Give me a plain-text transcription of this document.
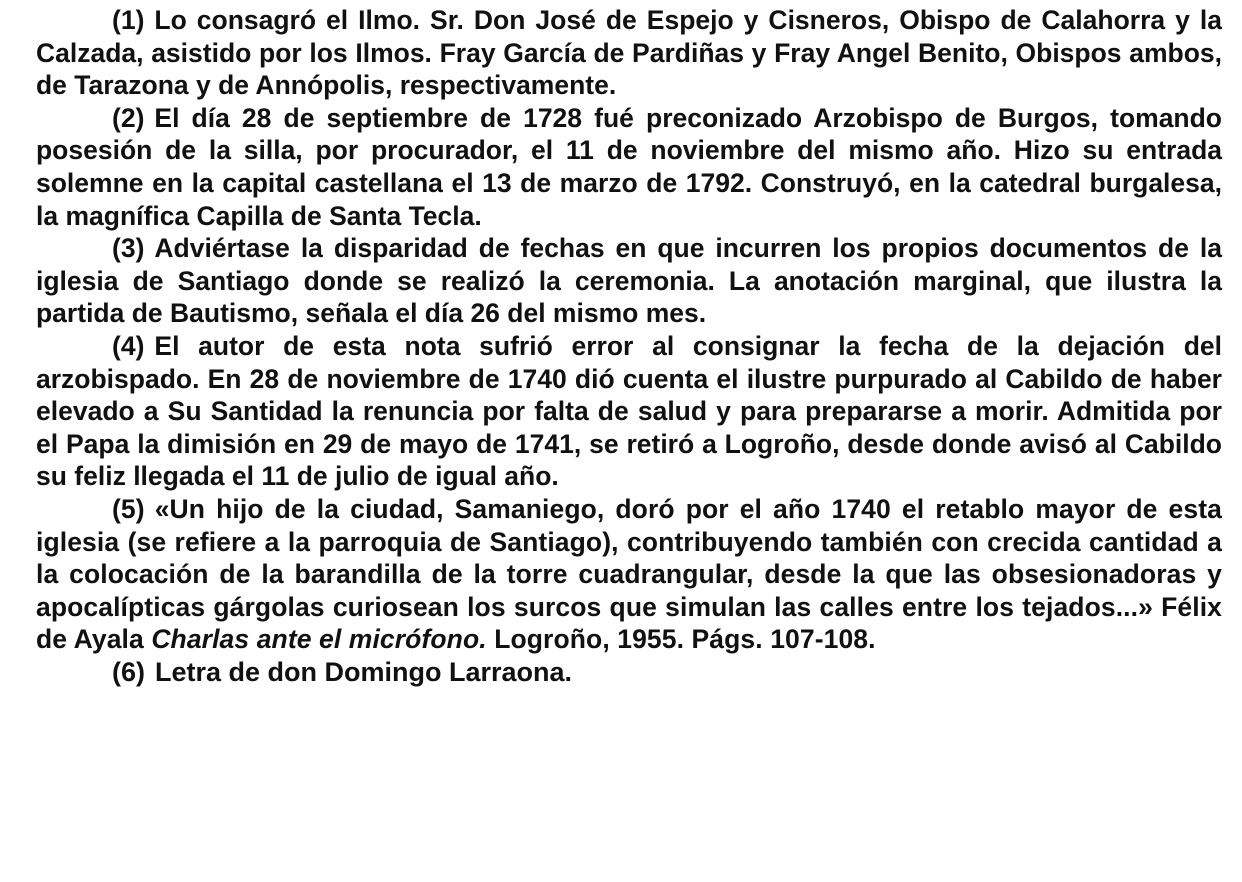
(1) Lo consagró el Ilmo. Sr. Don José de Espejo y Cisneros, Obispo de Calahorra y la Calzada, asistido por los Ilmos. Fray García de Pardiñas y Fray Angel Benito, Obispos ambos, de Tarazona y de Annópolis, respectivamente.

(2) El día 28 de septiembre de 1728 fué preconizado Arzobispo de Burgos, tomando posesión de la silla, por procurador, el 11 de noviembre del mismo año. Hizo su entrada solemne en la capital castellana el 13 de marzo de 1792. Construyó, en la catedral burgalesa, la magnífica Capilla de Santa Tecla.

(3) Adviértase la disparidad de fechas en que incurren los propios documentos de la iglesia de Santiago donde se realizó la ceremonia. La anotación marginal, que ilustra la partida de Bautismo, señala el día 26 del mismo mes.

(4) El autor de esta nota sufrió error al consignar la fecha de la dejación del arzobispado. En 28 de noviembre de 1740 dió cuenta el ilustre purpurado al Cabildo de haber elevado a Su Santidad la renuncia por falta de salud y para prepararse a morir. Admitida por el Papa la dimisión en 29 de mayo de 1741, se retiró a Logroño, desde donde avisó al Cabildo su feliz llegada el 11 de julio de igual año.

(5) «Un hijo de la ciudad, Samaniego, doró por el año 1740 el retablo mayor de esta iglesia (se refiere a la parroquia de Santiago), contribuyendo también con crecida cantidad a la colocación de la barandilla de la torre cuadrangular, desde la que las obsesionadoras y apocalípticas gárgolas curiosean los surcos que simulan las calles entre los tejados...» Félix de Ayala Charlas ante el micrófono. Logroño, 1955. Págs. 107-108.

(6) Letra de don Domingo Larraona.
